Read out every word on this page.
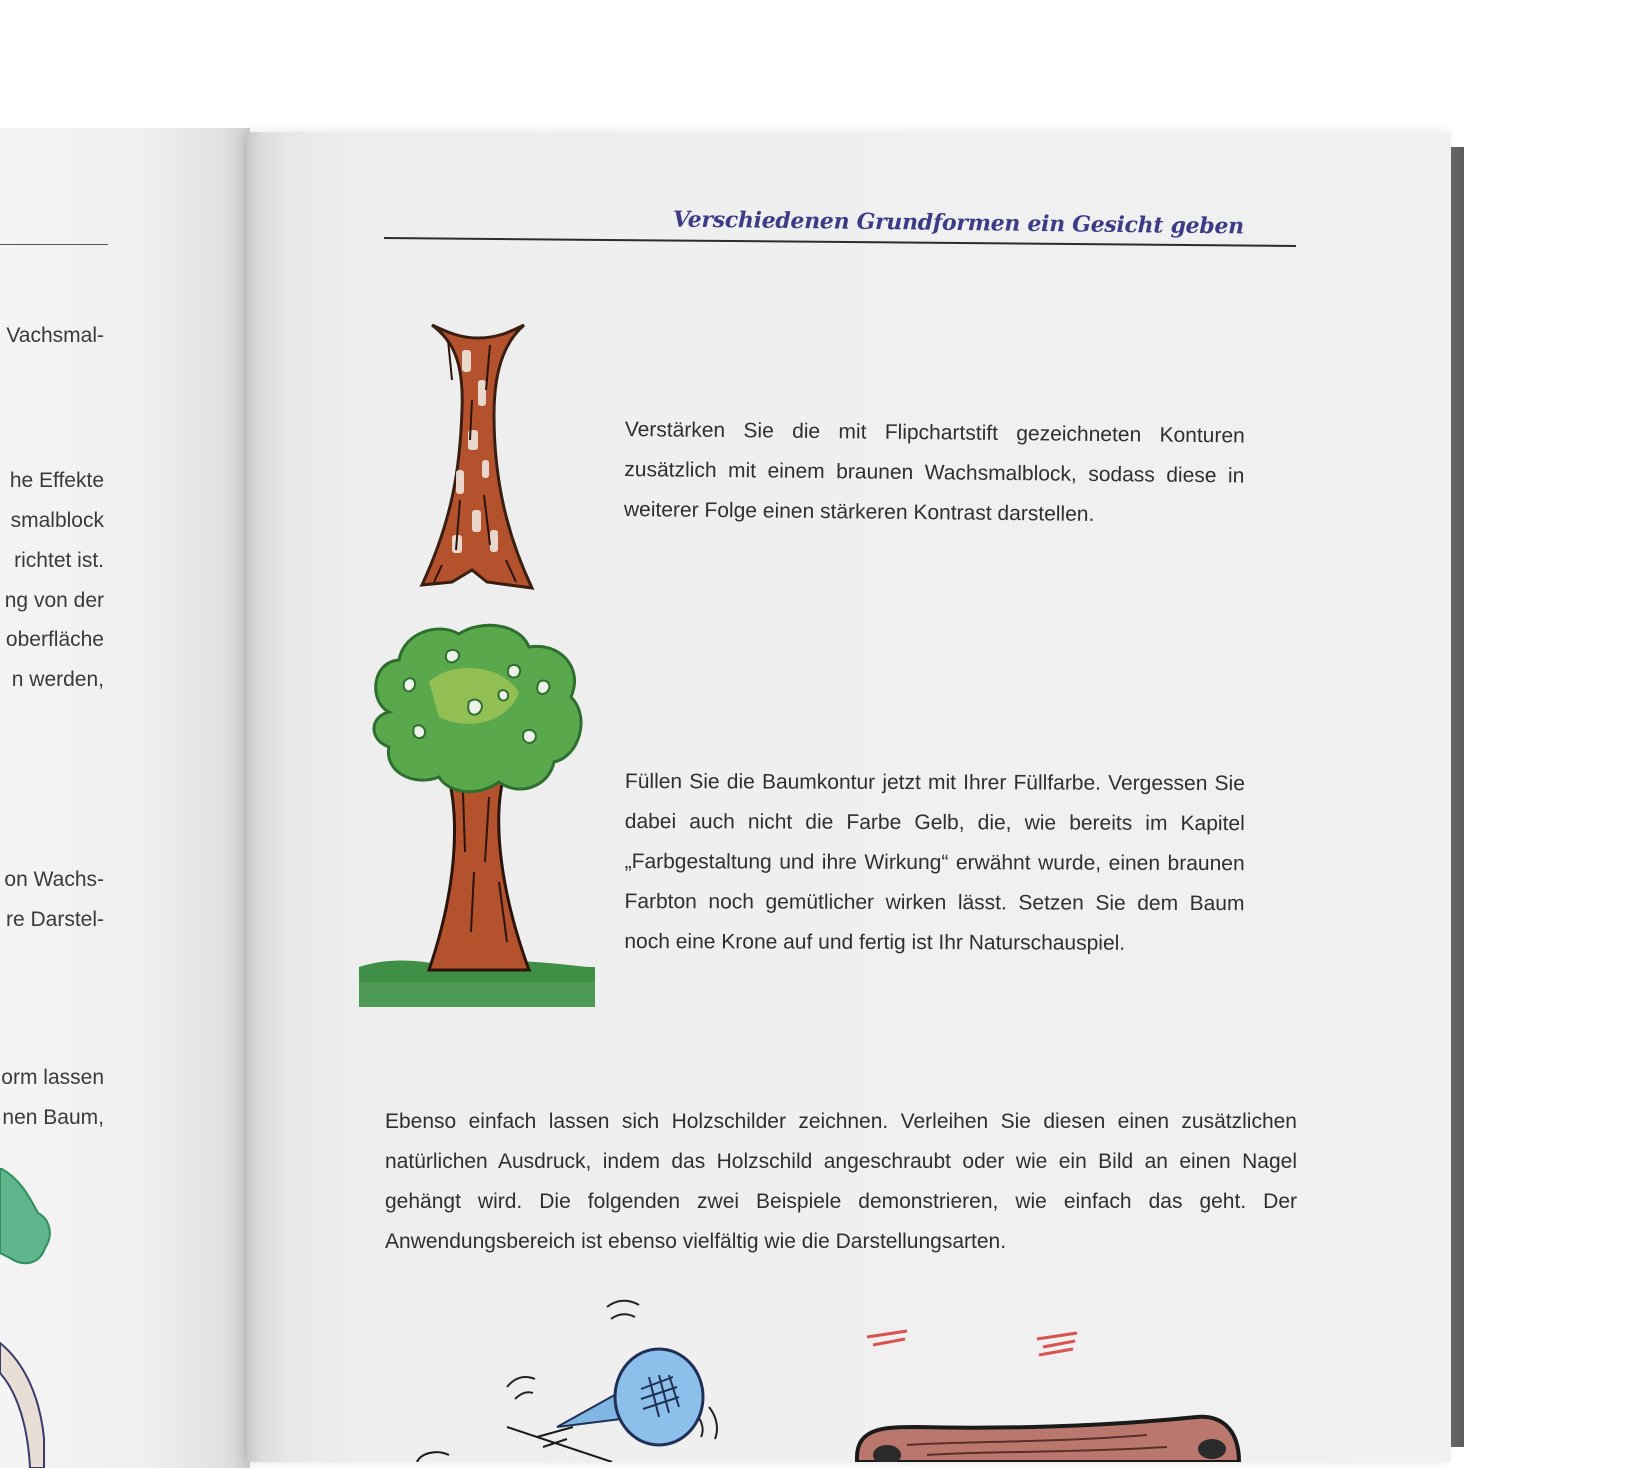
Vachsmal-
he Effekte
smalblock
richtet ist.
ng von der
oberfläche
n werden,
on Wachs-
re Darstel-
orm lassen
nen Baum,
Verschiedenen Grundformen ein Gesicht geben

Verstärken Sie die mit Flipchartstift gezeichneten Konturen zusätzlich mit einem braunen Wachsmalblock, sodass diese in weiterer Folge einen stärkeren Kontrast darstellen.

Füllen Sie die Baumkontur jetzt mit Ihrer Füllfarbe. Vergessen Sie dabei auch nicht die Farbe Gelb, die, wie bereits im Kapitel „Farbgestaltung und ihre Wirkung“ erwähnt wurde, einen braunen Farbton noch gemütlicher wirken lässt. Setzen Sie dem Baum noch eine Krone auf und fertig ist Ihr Naturschauspiel.

Ebenso einfach lassen sich Holzschilder zeichnen. Verleihen Sie diesen einen zusätzlichen natürlichen Ausdruck, indem das Holzschild angeschraubt oder wie ein Bild an einen Nagel gehängt wird. Die folgenden zwei Beispiele demonstrieren, wie einfach das geht. Der Anwendungsbereich ist ebenso vielfältig wie die Darstellungsarten.
